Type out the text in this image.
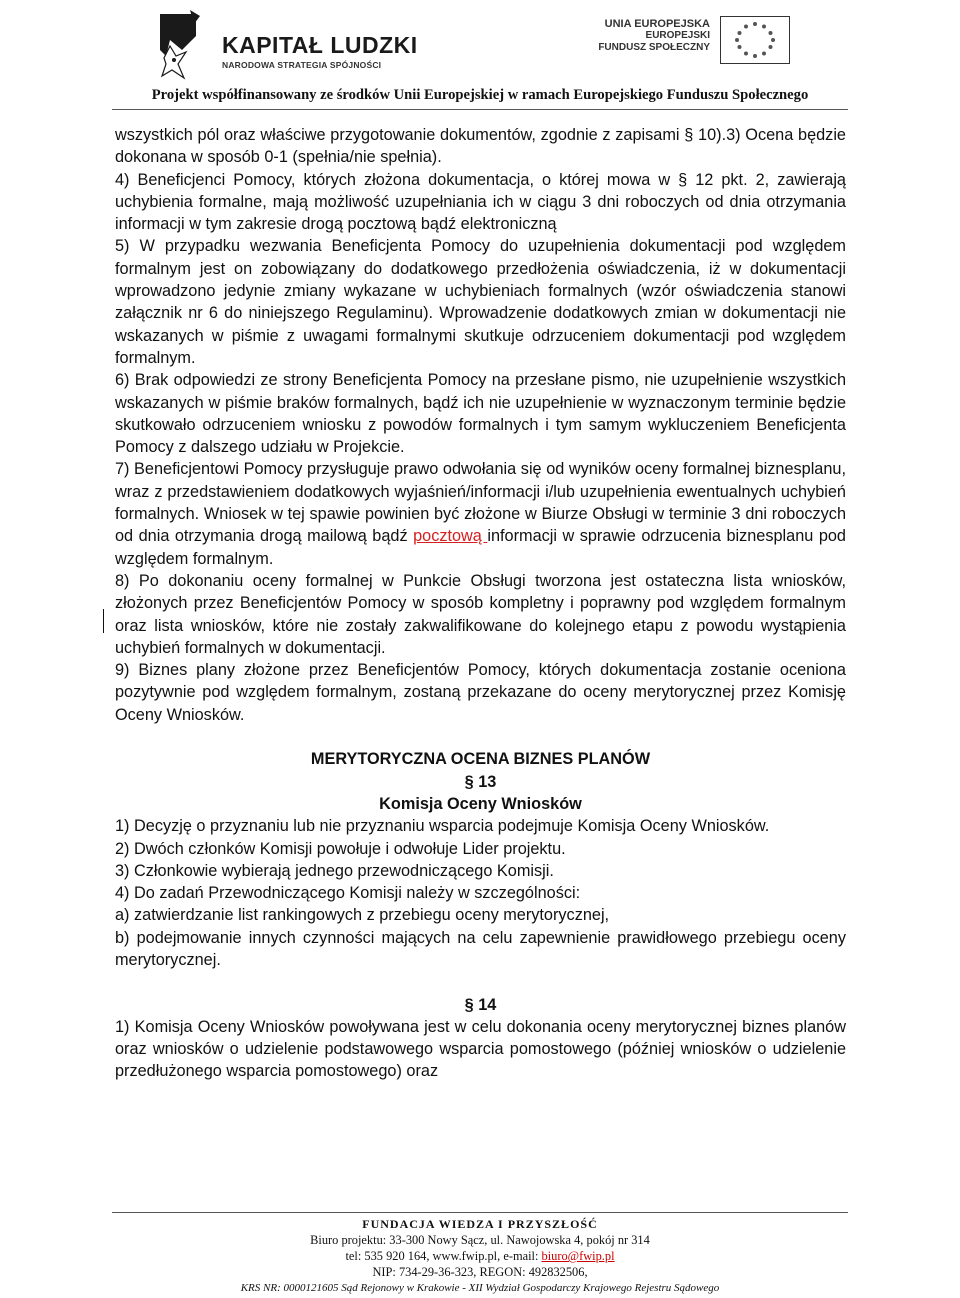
KAPITAŁ LUDZKI
NARODOWA STRATEGIA SPÓJNOŚCI
UNIA EUROPEJSKA
EUROPEJSKI
FUNDUSZ SPOŁECZNY
Projekt współfinansowany ze środków Unii Europejskiej w ramach Europejskiego Funduszu Społecznego

wszystkich pól oraz właściwe przygotowanie dokumentów, zgodnie z zapisami § 10).3) Ocena będzie dokonana w sposób 0-1 (spełnia/nie spełnia).

4) Beneficjenci Pomocy, których złożona dokumentacja, o której mowa w § 12 pkt. 2, zawierają uchybienia formalne, mają możliwość uzupełniania ich w ciągu 3 dni roboczych od dnia otrzymania informacji w tym zakresie drogą pocztową bądź elektroniczną

5) W przypadku wezwania Beneficjenta Pomocy do uzupełnienia dokumentacji pod względem formalnym jest on zobowiązany do dodatkowego przedłożenia oświadczenia, iż w dokumentacji wprowadzono jedynie zmiany wykazane w uchybieniach formalnych (wzór oświadczenia stanowi załącznik nr 6 do niniejszego Regulaminu). Wprowadzenie dodatkowych zmian w dokumentacji nie wskazanych w piśmie z uwagami formalnymi skutkuje odrzuceniem dokumentacji pod względem formalnym.

6) Brak odpowiedzi ze strony Beneficjenta Pomocy na przesłane pismo, nie uzupełnienie wszystkich wskazanych w piśmie braków formalnych, bądź ich nie uzupełnienie w wyznaczonym terminie będzie skutkowało odrzuceniem wniosku z powodów formalnych i tym samym wykluczeniem Beneficjenta Pomocy z dalszego udziału w Projekcie.

7) Beneficjentowi Pomocy przysługuje prawo odwołania się od wyników oceny formalnej biznesplanu, wraz z przedstawieniem dodatkowych wyjaśnień/informacji i/lub uzupełnienia ewentualnych uchybień formalnych. Wniosek w tej spawie powinien być złożone w Biurze Obsługi w terminie 3 dni roboczych od dnia otrzymania drogą mailową bądź pocztową informacji w sprawie odrzucenia biznesplanu pod względem formalnym.

8) Po dokonaniu oceny formalnej w Punkcie Obsługi tworzona jest ostateczna lista wniosków, złożonych przez Beneficjentów Pomocy w sposób kompletny i poprawny pod względem formalnym oraz lista wniosków, które nie zostały zakwalifikowane do kolejnego etapu z powodu wystąpienia uchybień formalnych w dokumentacji.

9) Biznes plany złożone przez Beneficjentów Pomocy, których dokumentacja zostanie oceniona pozytywnie pod względem formalnym, zostaną przekazane do oceny merytorycznej przez Komisję Oceny Wniosków.

MERYTORYCZNA OCENA BIZNES PLANÓW

§ 13

Komisja Oceny Wniosków

1) Decyzję o przyznaniu lub nie przyznaniu wsparcia podejmuje Komisja Oceny Wniosków.

2) Dwóch członków Komisji powołuje i odwołuje Lider projektu.

3) Członkowie wybierają jednego przewodniczącego Komisji.

4) Do zadań Przewodniczącego Komisji należy w szczególności:

a) zatwierdzanie list rankingowych z przebiegu oceny merytorycznej,

b) podejmowanie innych czynności mających na celu zapewnienie prawidłowego przebiegu oceny merytorycznej.

§ 14

1) Komisja Oceny Wniosków powoływana jest w celu dokonania oceny merytorycznej biznes planów oraz wniosków o udzielenie podstawowego wsparcia pomostowego (później wniosków o udzielenie przedłużonego wsparcia pomostowego) oraz

FUNDACJA WIEDZA I PRZYSZŁOŚĆ
Biuro projektu: 33-300 Nowy Sącz, ul. Nawojowska 4, pokój nr 314
tel: 535 920 164, www.fwip.pl, e-mail: biuro@fwip.pl
NIP: 734-29-36-323, REGON: 492832506,
KRS NR: 0000121605 Sąd Rejonowy w Krakowie - XII Wydział Gospodarczy Krajowego Rejestru Sądowego
